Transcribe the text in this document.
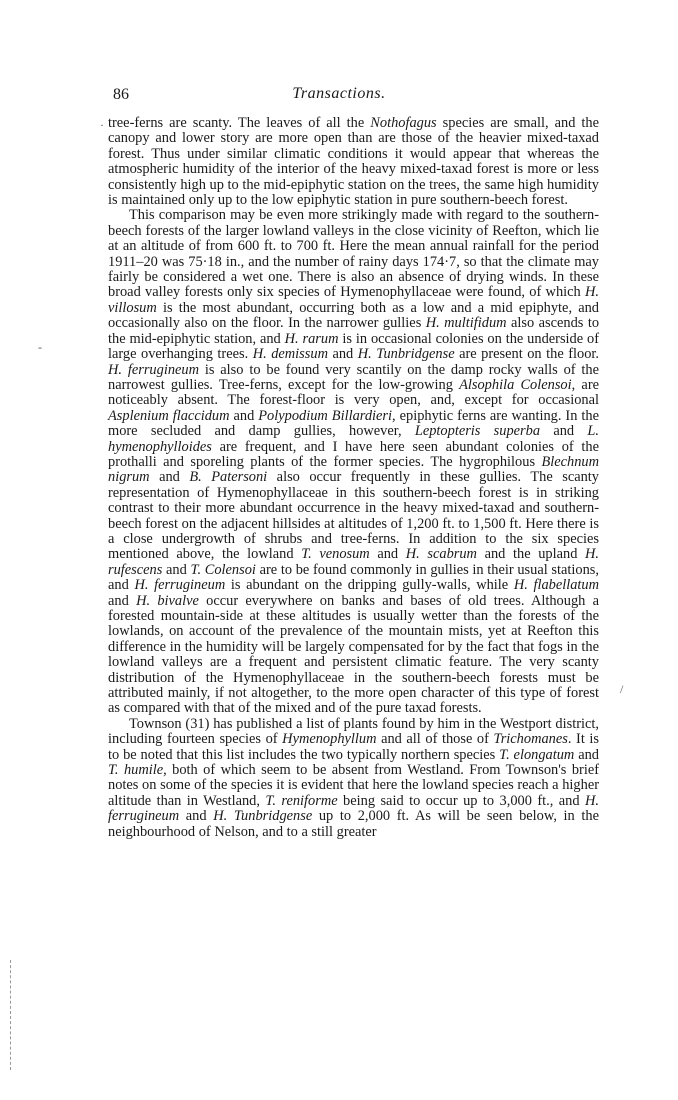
86	Transactions.

tree-ferns are scanty. The leaves of all the Nothofagus species are small, and the canopy and lower story are more open than are those of the heavier mixed-taxad forest. Thus under similar climatic conditions it would appear that whereas the atmospheric humidity of the interior of the heavy mixed-taxad forest is more or less consistently high up to the mid-epiphytic station on the trees, the same high humidity is maintained only up to the low epiphytic station in pure southern-beech forest.

This comparison may be even more strikingly made with regard to the southern-beech forests of the larger lowland valleys in the close vicinity of Reefton, which lie at an altitude of from 600 ft. to 700 ft. Here the mean annual rainfall for the period 1911–20 was 75·18 in., and the number of rainy days 174·7, so that the climate may fairly be considered a wet one. There is also an absence of drying winds. In these broad valley forests only six species of Hymenophyllaceae were found, of which H. villosum is the most abundant, occurring both as a low and a mid epiphyte, and occasionally also on the floor. In the narrower gullies H. multifidum also ascends to the mid-epiphytic station, and H. rarum is in occasional colonies on the underside of large overhanging trees. H. demissum and H. Tunbridgense are present on the floor. H. ferrugineum is also to be found very scantily on the damp rocky walls of the narrowest gullies. Tree-ferns, except for the low-growing Alsophila Colensoi, are noticeably absent. The forest-floor is very open, and, except for occasional Asplenium flaccidum and Polypodium Billardieri, epiphytic ferns are wanting. In the more secluded and damp gullies, however, Leptopteris superba and L. hymenophylloides are frequent, and I have here seen abundant colonies of the prothalli and sporeling plants of the former species. The hygrophilous Blechnum nigrum and B. Patersoni also occur frequently in these gullies. The scanty representation of Hymenophyllaceae in this southern-beech forest is in striking contrast to their more abundant occurrence in the heavy mixed-taxad and southern-beech forest on the adjacent hillsides at altitudes of 1,200 ft. to 1,500 ft. Here there is a close undergrowth of shrubs and tree-ferns. In addition to the six species mentioned above, the lowland T. venosum and H. scabrum and the upland H. rufescens and T. Colensoi are to be found commonly in gullies in their usual stations, and H. ferrugineum is abundant on the dripping gully-walls, while H. flabellatum and H. bivalve occur everywhere on banks and bases of old trees. Although a forested mountain-side at these altitudes is usually wetter than the forests of the lowlands, on account of the prevalence of the mountain mists, yet at Reefton this difference in the humidity will be largely compensated for by the fact that fogs in the lowland valleys are a frequent and persistent climatic feature. The very scanty distribution of the Hymenophyllaceae in the southern-beech forests must be attributed mainly, if not altogether, to the more open character of this type of forest as compared with that of the mixed and of the pure taxad forests.

Townson (31) has published a list of plants found by him in the Westport district, including fourteen species of Hymenophyllum and all of those of Trichomanes. It is to be noted that this list includes the two typically northern species T. elongatum and T. humile, both of which seem to be absent from Westland. From Townson's brief notes on some of the species it is evident that here the lowland species reach a higher altitude than in Westland, T. reniforme being said to occur up to 3,000 ft., and H. ferrugineum and H. Tunbridgense up to 2,000 ft. As will be seen below, in the neighbourhood of Nelson, and to a still greater

·
-
/
